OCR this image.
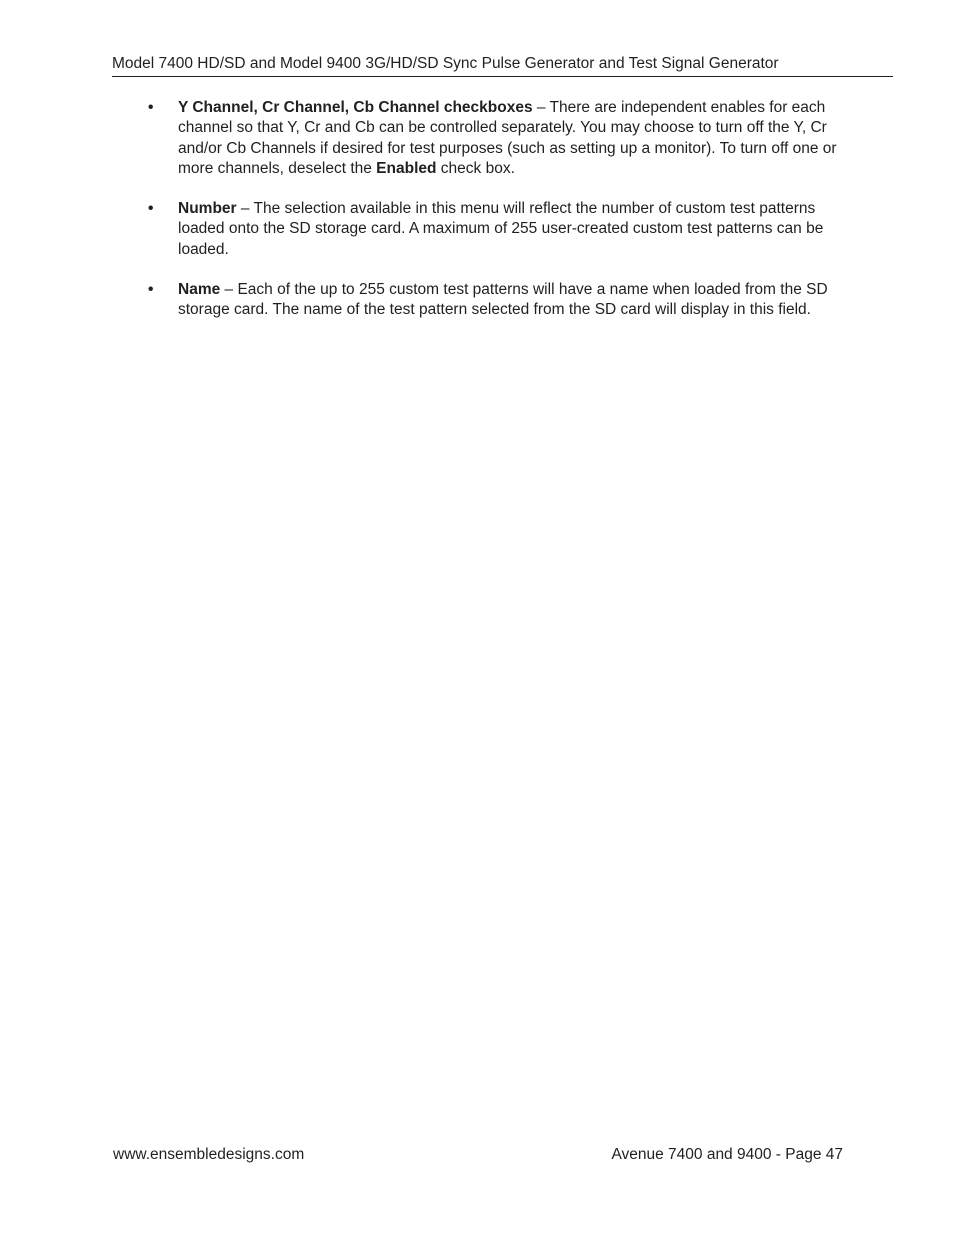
Model 7400 HD/SD and Model 9400 3G/HD/SD Sync Pulse Generator and Test Signal Generator
• Y Channel, Cr Channel, Cb Channel checkboxes – There are independent enables for each channel so that Y, Cr and Cb can be controlled separately. You may choose to turn off the Y, Cr and/or Cb Channels if desired for test purposes (such as setting up a monitor). To turn off one or more channels, deselect the Enabled check box.
• Number – The selection available in this menu will reflect the number of custom test patterns loaded onto the SD storage card. A maximum of 255 user-created custom test patterns can be loaded.
• Name – Each of the up to 255 custom test patterns will have a name when loaded from the SD storage card. The name of the test pattern selected from the SD card will display in this field.
www.ensembledesigns.com	Avenue 7400 and 9400 - Page 47
